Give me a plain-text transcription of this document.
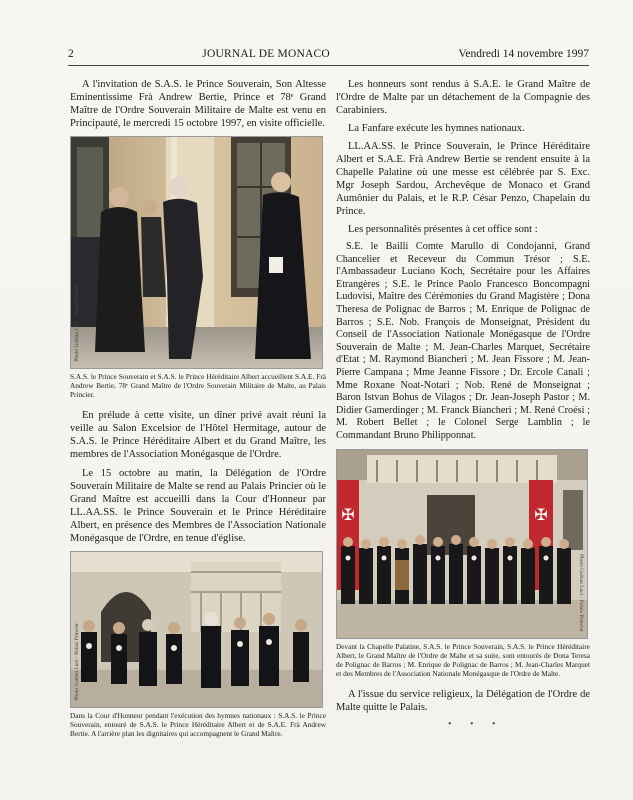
2	JOURNAL DE MONACO	Vendredi 14 novembre 1997

A l'invitation de S.A.S. le Prince Souverain, Son Altesse Eminentissime Frà Andrew Bertie, Prince et 78ᵉ Grand Maître de l'Ordre Souverain Militaire de Malte est venu en Principauté, le mercredi 15 octobre 1997, en visite officielle.

Photo Gaëtan Luci - Palais Princier
S.A.S. le Prince Souverain et S.A.S. le Prince Héréditaire Albert accueillent S.A.E. Frà Andrew Bertie, 78ᵉ Grand Maître de l'Ordre Souverain Militaire de Malte, au Palais Princier.

En prélude à cette visite, un dîner privé avait réuni la veille au Salon Excelsior de l'Hôtel Hermitage, autour de S.A.S. le Prince Héréditaire Albert et du Grand Maître, les membres de l'Association Monégasque de l'Ordre.

Le 15 octobre au matin, la Délégation de l'Ordre Souverain Militaire de Malte se rend au Palais Princier où le Grand Maître est accueilli dans la Cour d'Honneur par LL.AA.SS. le Prince Souverain et le Prince Héréditaire Albert, en présence des Membres de l'Association Nationale Monégasque de l'Ordre, en tenue d'église.

Photo Gaëtan Luci - Palais Princier
Dans la Cour d'Honneur pendant l'exécution des hymnes nationaux : S.A.S. le Prince Souverain, entouré de S.A.S. le Prince Héréditaire Albert et de S.A.E. Frà Andrew Bertie. A l'arrière plan les dignitaires qui accompagnent le Grand Maître.

Les honneurs sont rendus à S.A.E. le Grand Maître de l'Ordre de Malte par un détachement de la Compagnie des Carabiniers.

La Fanfare exécute les hymnes nationaux.

LL.AA.SS. le Prince Souverain, le Prince Héréditaire Albert et S.A.E. Frà Andrew Bertie se rendent ensuite à la Chapelle Palatine où une messe est célébrée par S. Exc. Mgr Joseph Sardou, Archevêque de Monaco et Grand Aumônier du Palais, et le R.P. César Penzo, Chapelain du Prince.

Les personnalités présentes à cet office sont :

S.E. le Bailli Comte Marullo di Condojanni, Grand Chancelier et Receveur du Commun Trésor ; S.E. l'Ambassadeur Luciano Koch, Secrétaire pour les Affaires Etrangères ; S.E. le Prince Paolo Francesco Boncompagni Ludovisi, Maître des Cérémonies du Grand Magistère ; Dona Theresa de Polignac de Barros ; M. Enrique de Polignac de Barros ; S.E. Nob. François de Monseignat, Président du Conseil de l'Association Nationale Monégasque de l'Ordre Souverain de Malte ; M. Jean-Charles Marquet, Secrétaire d'Etat ; M. Raymond Biancheri ; M. Jean Fissore ; M. Jean-Pierre Campana ; Mme Jeanne Fissore ; Dr. Ercole Canali ; Mme Roxane Noat-Notari ; Nob. René de Monseignat ; Baron Istvan Bohus de Vilagos ; Dr. Jean-Joseph Pastor ; M. Didier Gamerdinger ; M. Franck Biancheri ; M. René Croési ; M. Robert Bellet ; le Colonel Serge Lamblin ; le Commandant Bruno Philipponnat.

✠	✠
Photo Gaëtan Luci - Palais Princier
Devant la Chapelle Palatine, S.A.S. le Prince Souverain, S.A.S. le Prince Héréditaire Albert, le Grand Maître de l'Ordre de Malte et sa suite, sont entourés de Dona Teresa de Polignac de Barros ; M. Enrique de Polignac de Barros ; M. Jean-Charles Marquet et des Membres de l'Association Nationale Monégasque de l'Ordre de Malte.

A l'issue du service religieux, la Délégation de l'Ordre de Malte quitte le Palais.

• • •
